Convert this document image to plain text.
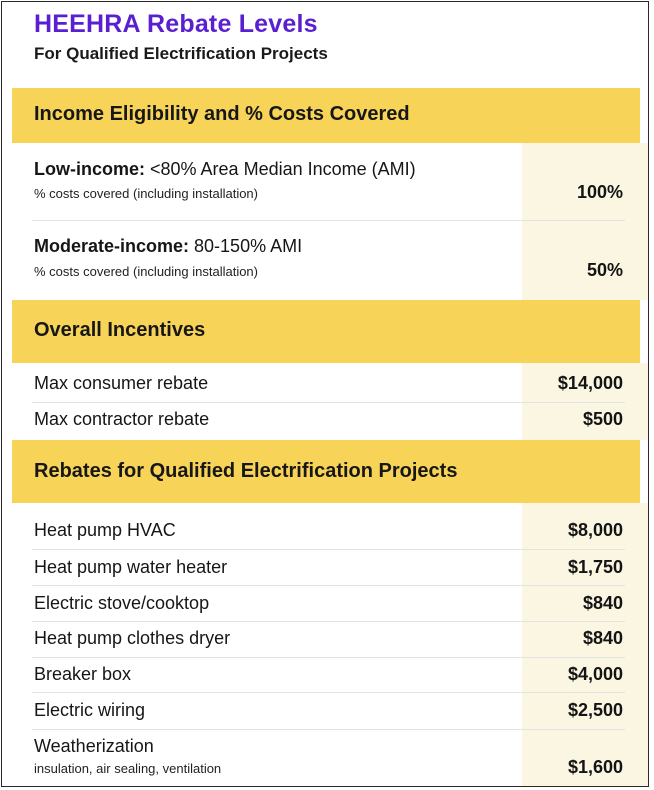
HEEHRA Rebate Levels
For Qualified Electrification Projects
Income Eligibility and % Costs Covered
Low-income: <80% Area Median Income (AMI)
% costs covered (including installation)	100%
Moderate-income: 80-150% AMI
% costs covered (including installation)	50%
Overall Incentives
Max consumer rebate	$14,000
Max contractor rebate	$500
Rebates for Qualified Electrification Projects
Heat pump HVAC	$8,000
Heat pump water heater	$1,750
Electric stove/cooktop	$840
Heat pump clothes dryer	$840
Breaker box	$4,000
Electric wiring	$2,500
Weatherization
insulation, air sealing, ventilation	$1,600
